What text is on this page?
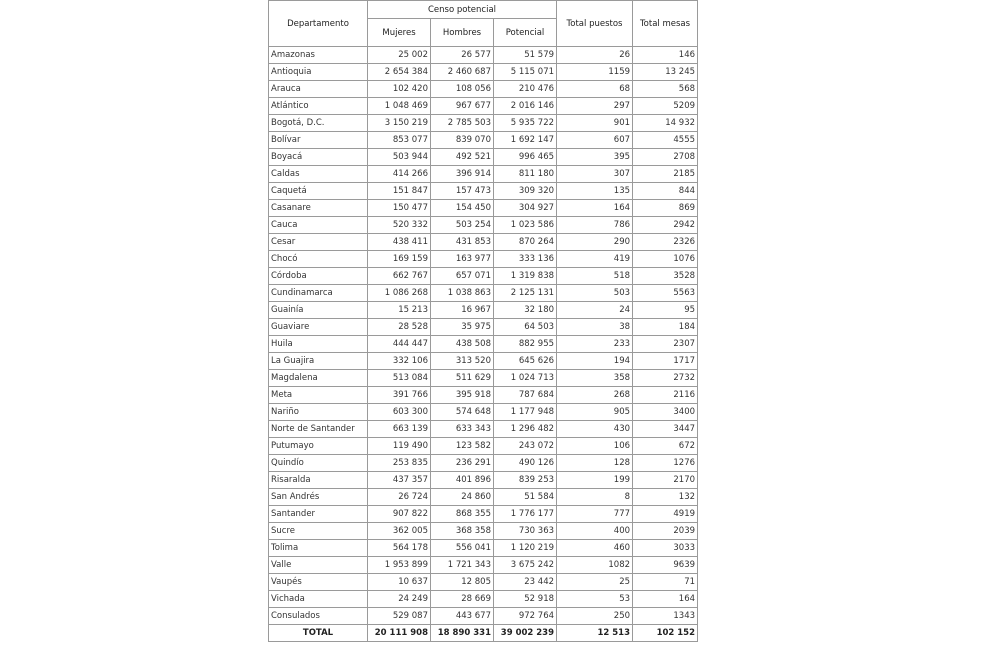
Departamento	Censo potencial			Total puestos	Total mesas
	Mujeres	Hombres	Potencial		
Amazonas	25 002	26 577	51 579	26	146
Antioquia	2 654 384	2 460 687	5 115 071	1159	13 245
Arauca	102 420	108 056	210 476	68	568
Atlántico	1 048 469	967 677	2 016 146	297	5209
Bogotá, D.C.	3 150 219	2 785 503	5 935 722	901	14 932
Bolívar	853 077	839 070	1 692 147	607	4555
Boyacá	503 944	492 521	996 465	395	2708
Caldas	414 266	396 914	811 180	307	2185
Caquetá	151 847	157 473	309 320	135	844
Casanare	150 477	154 450	304 927	164	869
Cauca	520 332	503 254	1 023 586	786	2942
Cesar	438 411	431 853	870 264	290	2326
Chocó	169 159	163 977	333 136	419	1076
Córdoba	662 767	657 071	1 319 838	518	3528
Cundinamarca	1 086 268	1 038 863	2 125 131	503	5563
Guainía	15 213	16 967	32 180	24	95
Guaviare	28 528	35 975	64 503	38	184
Huila	444 447	438 508	882 955	233	2307
La Guajira	332 106	313 520	645 626	194	1717
Magdalena	513 084	511 629	1 024 713	358	2732
Meta	391 766	395 918	787 684	268	2116
Nariño	603 300	574 648	1 177 948	905	3400
Norte de Santander	663 139	633 343	1 296 482	430	3447
Putumayo	119 490	123 582	243 072	106	672
Quindío	253 835	236 291	490 126	128	1276
Risaralda	437 357	401 896	839 253	199	2170
San Andrés	26 724	24 860	51 584	8	132
Santander	907 822	868 355	1 776 177	777	4919
Sucre	362 005	368 358	730 363	400	2039
Tolima	564 178	556 041	1 120 219	460	3033
Valle	1 953 899	1 721 343	3 675 242	1082	9639
Vaupés	10 637	12 805	23 442	25	71
Vichada	24 249	28 669	52 918	53	164
Consulados	529 087	443 677	972 764	250	1343
TOTAL	20 111 908	18 890 331	39 002 239	12 513	102 152
